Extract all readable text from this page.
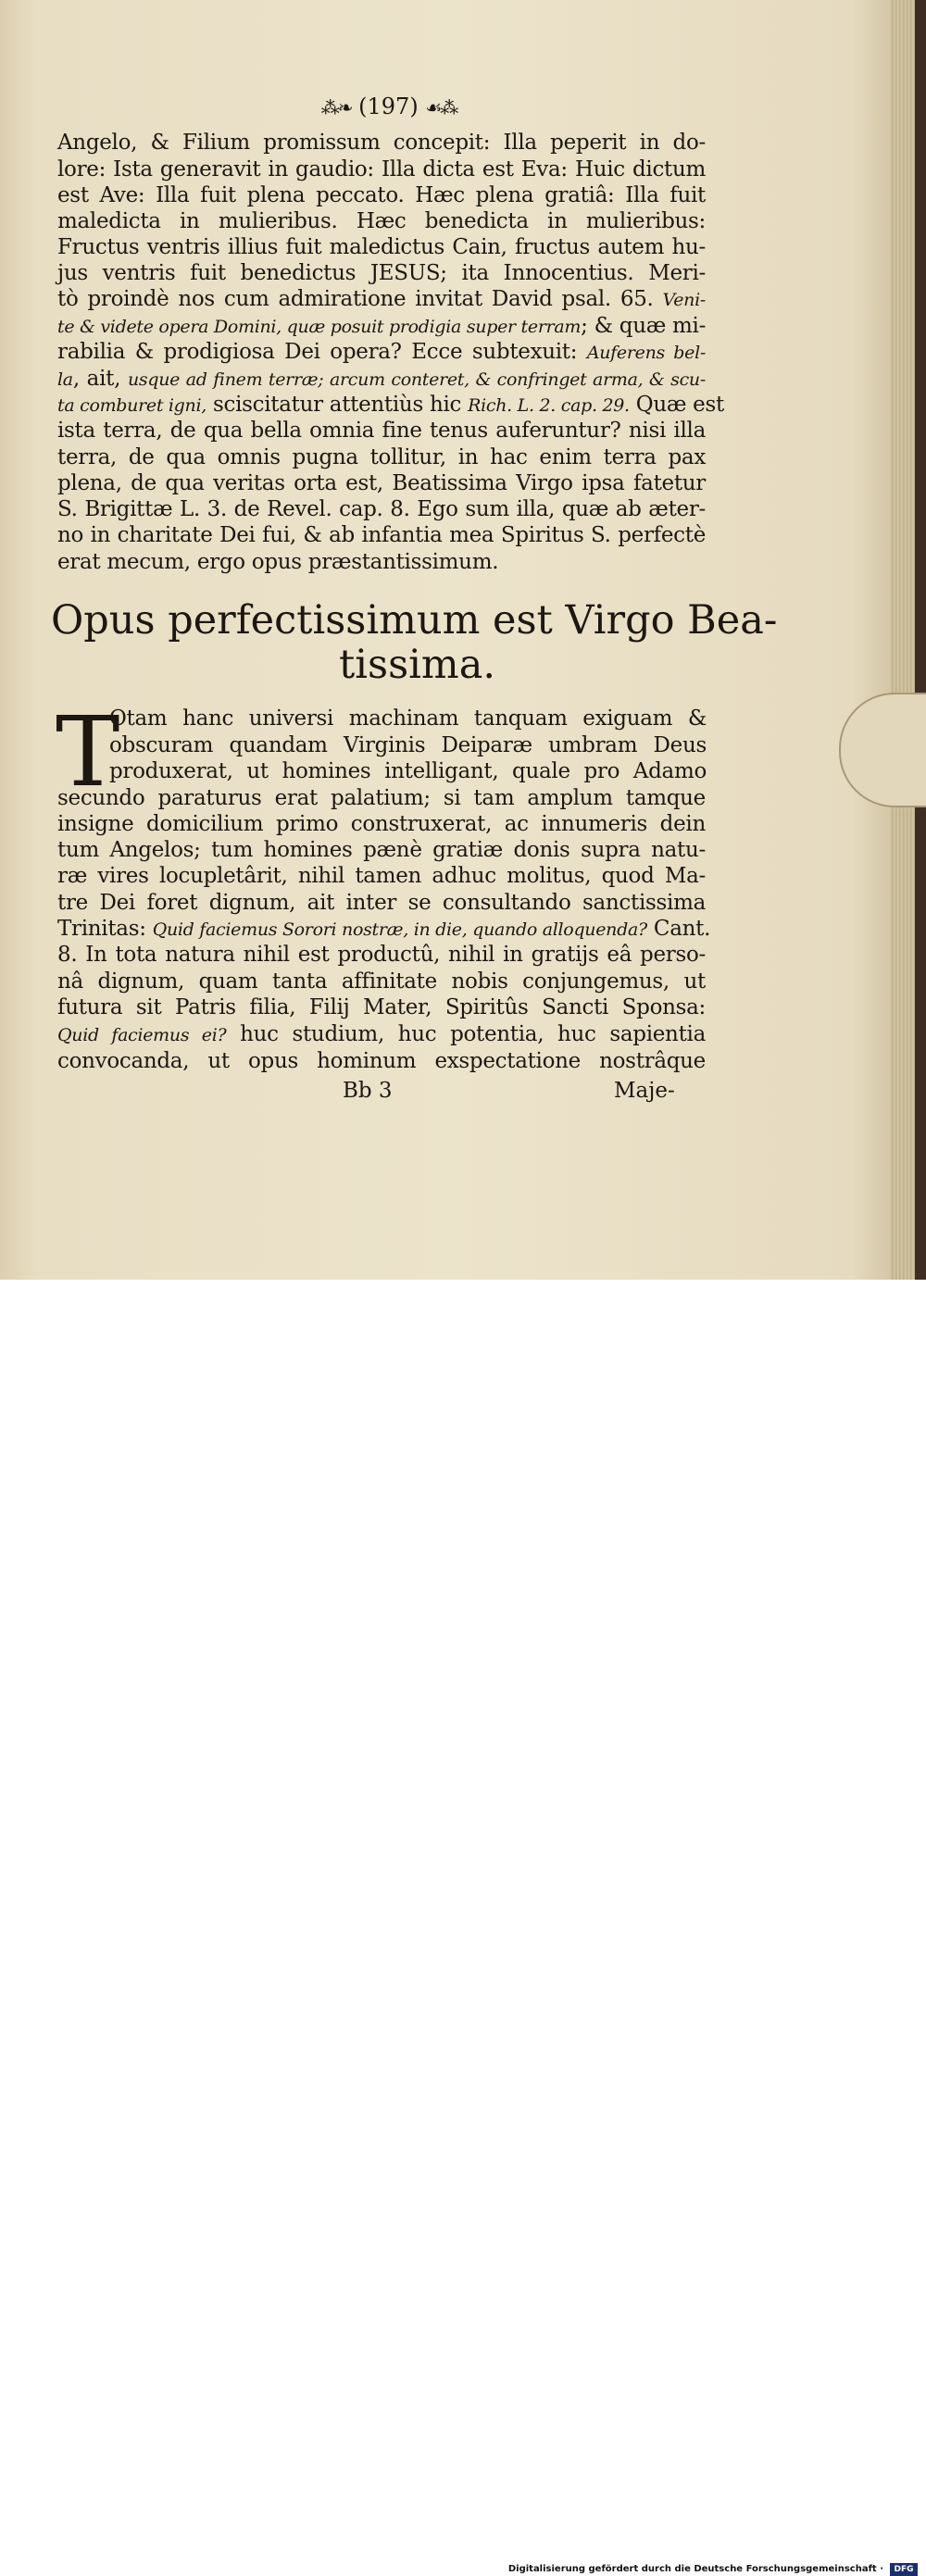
⁂❧ (197) ☙⁂
Angelo, & Filium promissum concepit: Illa peperit in do-
lore: Ista generavit in gaudio: Illa dicta est Eva: Huic dictum
est Ave: Illa fuit plena peccato. Hæc plena gratiâ: Illa fuit
maledicta in mulieribus. Hæc benedicta in mulieribus:
Fructus ventris illius fuit maledictus Cain, fructus autem hu-
jus ventris fuit benedictus JESUS; ita Innocentius. Meri-
tò proindè nos cum admiratione invitat David psal. 65. Veni-
te & videte opera Domini, quæ posuit prodigia super terram; & quæ mi-
rabilia & prodigiosa Dei opera? Ecce subtexuit: Auferens bel-
la, ait, usque ad finem terræ; arcum conteret, & confringet arma, & scu-
ta comburet igni, sciscitatur attentiùs hic Rich. L. 2. cap. 29. Quæ est
ista terra, de qua bella omnia fine tenus auferuntur? nisi illa
terra, de qua omnis pugna tollitur, in hac enim terra pax
plena, de qua veritas orta est, Beatissima Virgo ipsa fatetur
S. Brigittæ L. 3. de Revel. cap. 8. Ego sum illa, quæ ab æter-
no in charitate Dei fui, & ab infantia mea Spiritus S. perfectè
erat mecum, ergo opus præstantissimum.
Opus perfectissimum est Virgo Bea-
tissima.
T
Otam hanc universi machinam tanquam exiguam &
obscuram quandam Virginis Deiparæ umbram Deus
produxerat, ut homines intelligant, quale pro Adamo
secundo paraturus erat palatium; si tam amplum tamque
insigne domicilium primo construxerat, ac innumeris dein
tum Angelos; tum homines pænè gratiæ donis supra natu-
ræ vires locupletârit, nihil tamen adhuc molitus, quod Ma-
tre Dei foret dignum, ait inter se consultando sanctissima
Trinitas: Quid faciemus Sorori nostræ, in die, quando alloquenda? Cant.
8. In tota natura nihil est productû, nihil in gratijs eâ perso-
nâ dignum, quam tanta affinitate nobis conjungemus, ut
futura sit Patris filia, Filij Mater, Spiritûs Sancti Sponsa:
Quid faciemus ei? huc studium, huc potentia, huc sapientia
convocanda, ut opus hominum exspectatione nostrâque
Bb 3	Maje-
Digitalisierung gefördert durch die Deutsche Forschungsgemeinschaft ·	DFG
